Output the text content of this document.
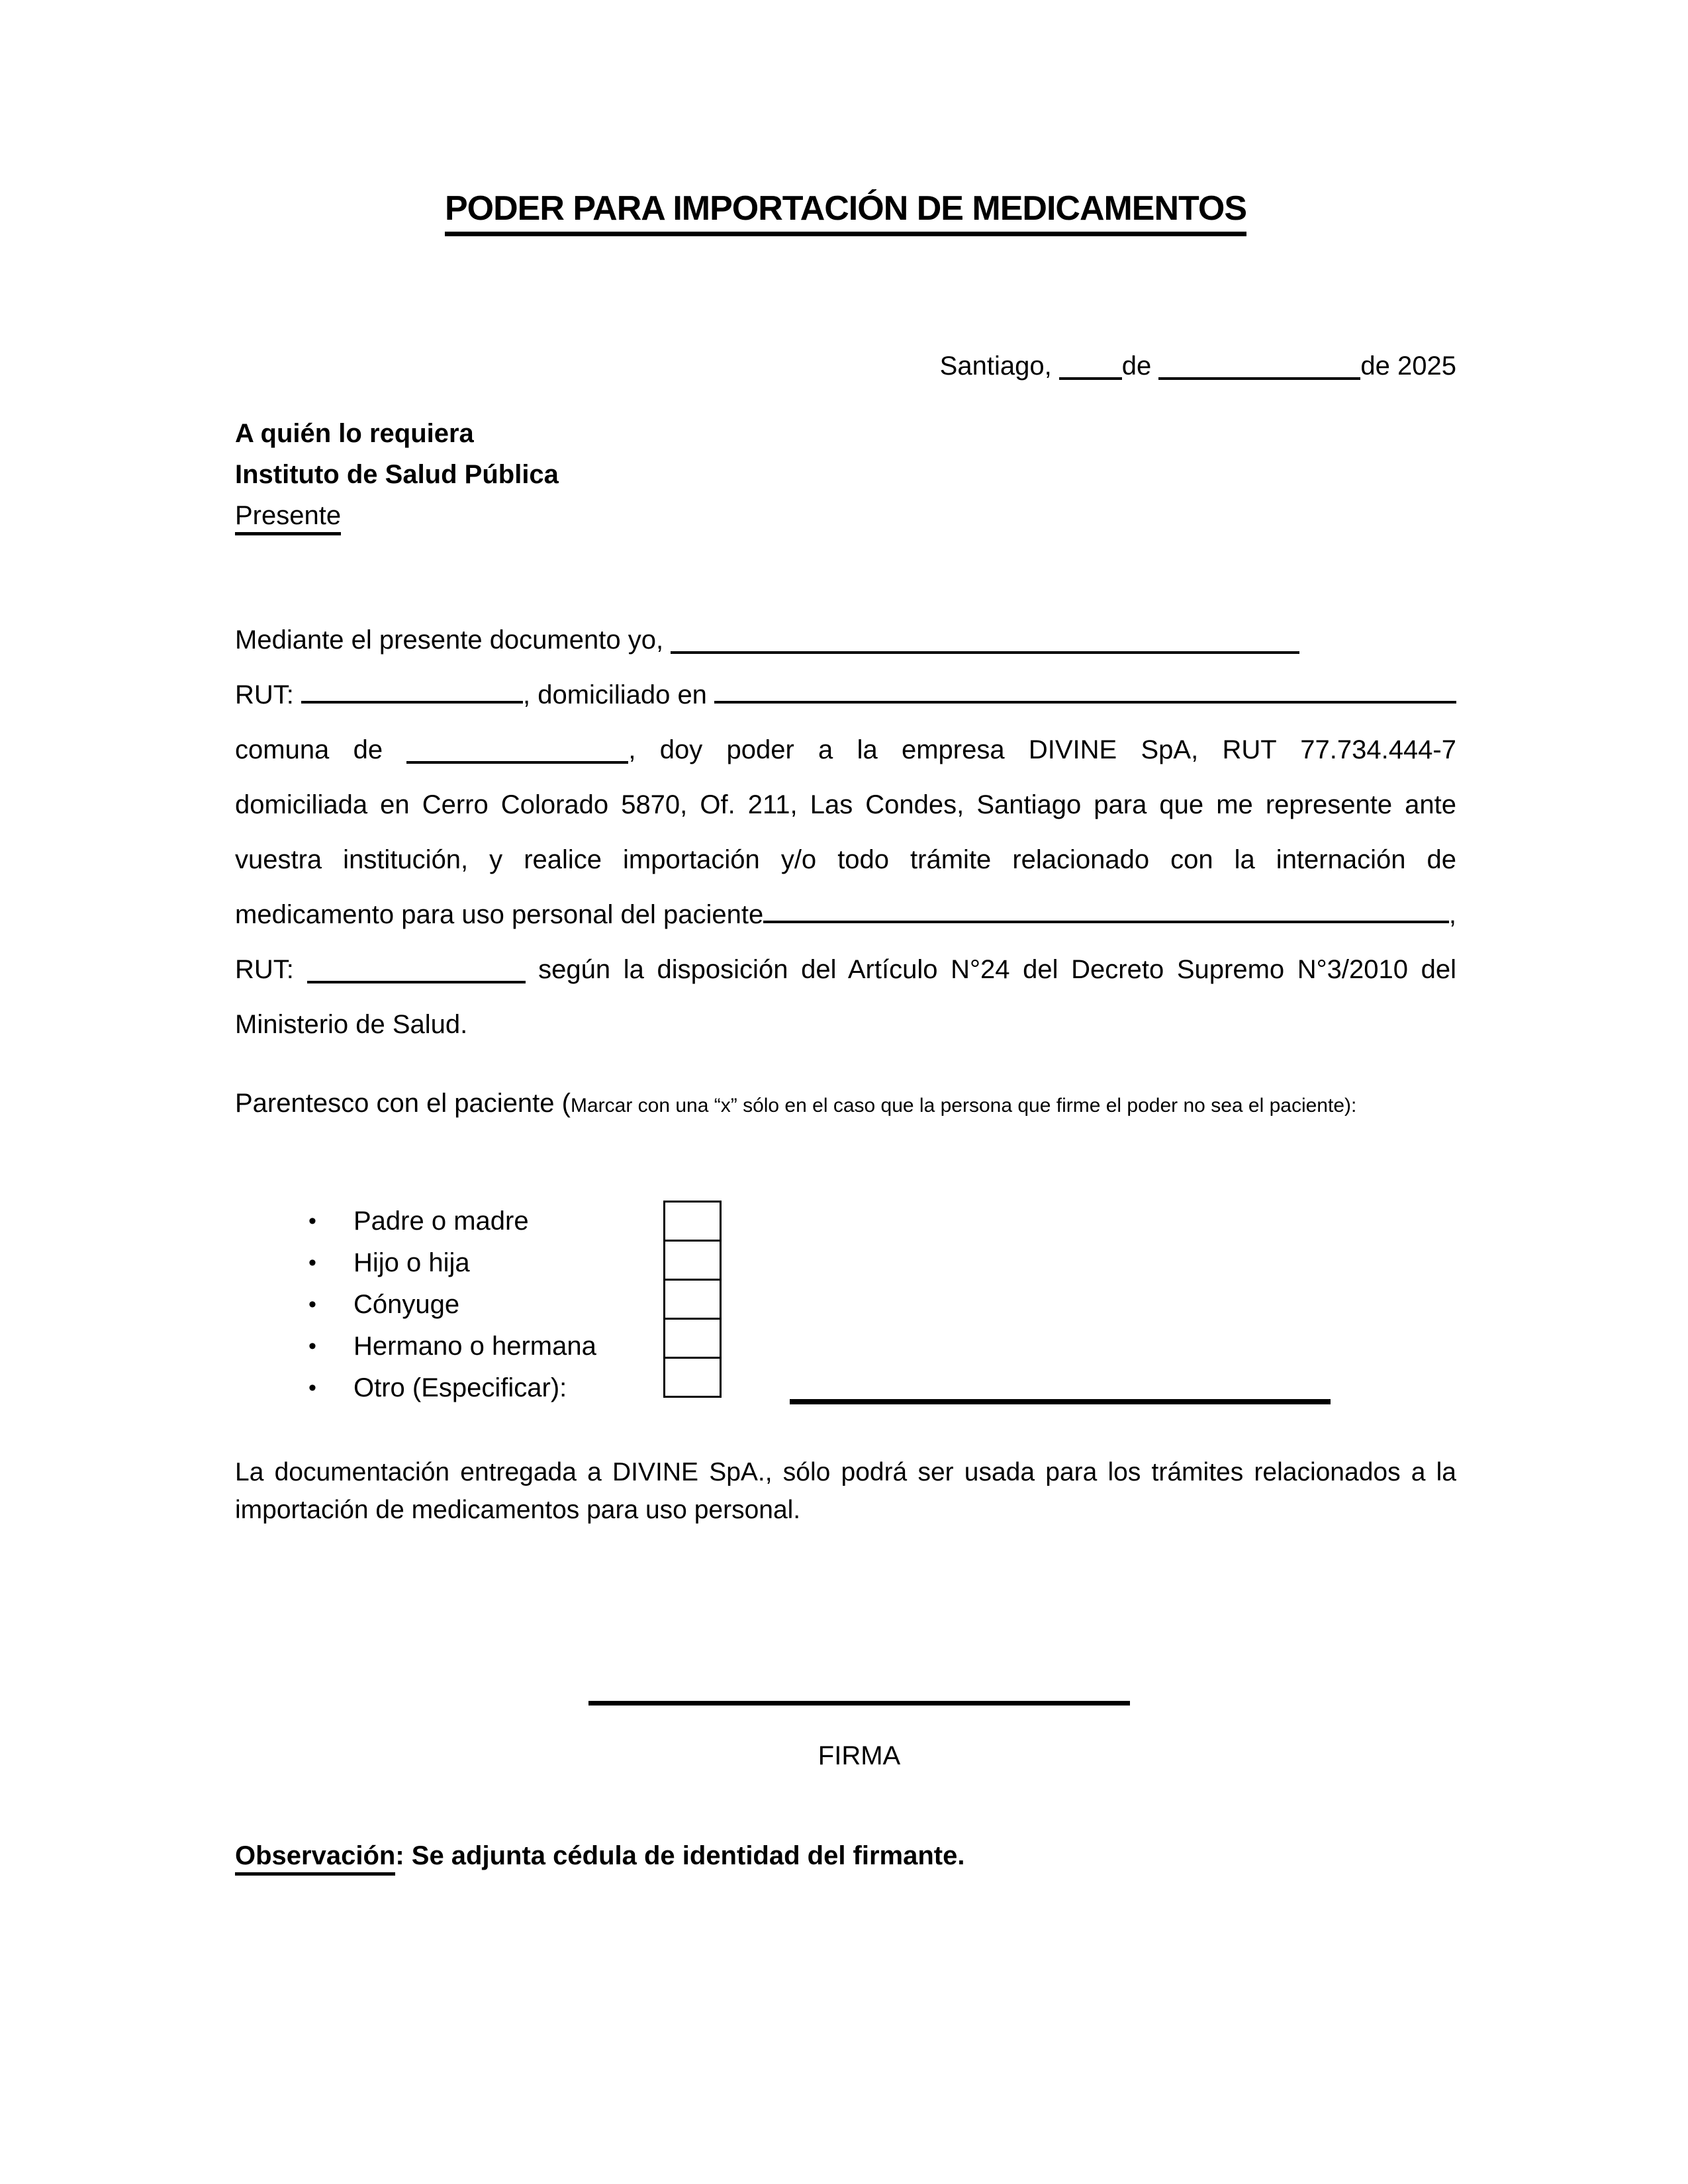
PODER PARA IMPORTACIÓN DE MEDICAMENTOS
Santiago, de	de 2025
A quién lo requiera
Instituto de Salud Pública
Presente
Mediante el presente documento yo,
RUT:	, domiciliado en
comuna de	, doy poder a la empresa DIVINE SpA, RUT 77.734.444-7
domiciliada en Cerro Colorado 5870, Of. 211, Las Condes, Santiago para que me represente ante
vuestra institución, y realice importación y/o todo trámite relacionado con la internación de
medicamento para uso personal del paciente	,
RUT:	según la disposición del Artículo N°24 del Decreto Supremo N°3/2010 del
Ministerio de Salud.
Parentesco con el paciente (Marcar con una “x” sólo en el caso que la persona que firme el poder no sea el paciente):
•	Padre o madre
•	Hijo o hija
•	Cónyuge
•	Hermano o hermana
•	Otro (Especificar):
La documentación entregada a DIVINE SpA., sólo podrá ser usada para los trámites relacionados a la
importación de medicamentos para uso personal.
FIRMA
Observación: Se adjunta cédula de identidad del firmante.
